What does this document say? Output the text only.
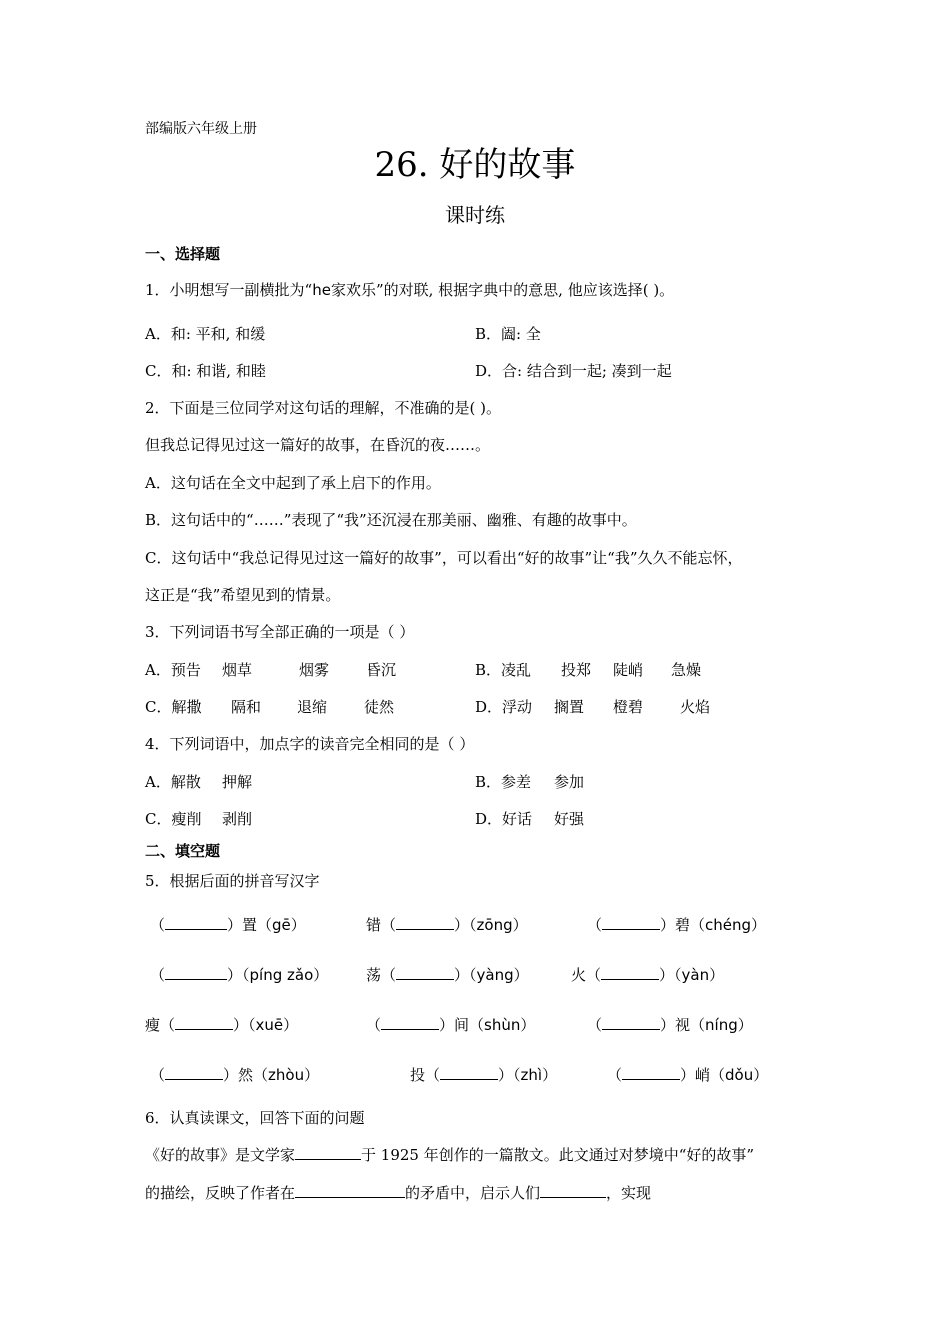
部编版六年级上册
26. 好的故事
课时练
一、选择题
1．小明想写一副横批为“he家欢乐”的对联, 根据字典中的意思, 他应该选择( )。
A．和: 平和, 和缓	B．阖: 全
C．和: 和谐, 和睦	D．合: 结合到一起; 凑到一起
2．下面是三位同学对这句话的理解，不准确的是( )。
但我总记得见过这一篇好的故事，在昏沉的夜……。
A．这句话在全文中起到了承上启下的作用。
B．这句话中的“……”表现了“我”还沉浸在那美丽、幽雅、有趣的故事中。
C．这句话中“我总记得见过这一篇好的故事”，可以看出“好的故事”让“我”久久不能忘怀，
这正是“我”希望见到的情景。
3．下列词语书写全部正确的一项是（ ）
A．预告 烟草	烟雾 昏沉	B．凌乱 投郑 陡峭 急燥
C．解撒 隔和 退缩 徒然	D．浮动 搁置 橙碧 火焰
4．下列词语中，加点字的读音完全相同的是（ ）
A．解散 押解	B．参差 参加
C．瘦削 剥削	D．好话 好强
二、填空题
5．根据后面的拼音写汉字
（	）置（gē）	错（	）（zōng）	（	）碧（chéng）
（	）（píng zǎo）	荡（	）（yàng）	火（	）（yàn）
瘦（	）（xuē）	（	）间（shùn）	（	）视（níng）
（	）然（zhòu）	投（	）（zhì）	（	）峭（dǒu）
6．认真读课文，回答下面的问题
《好的故事》是文学家	于 1925 年创作的一篇散文。此文通过对梦境中“好的故事”
的描绘，反映了作者在	的矛盾中，启示人们	，实现
